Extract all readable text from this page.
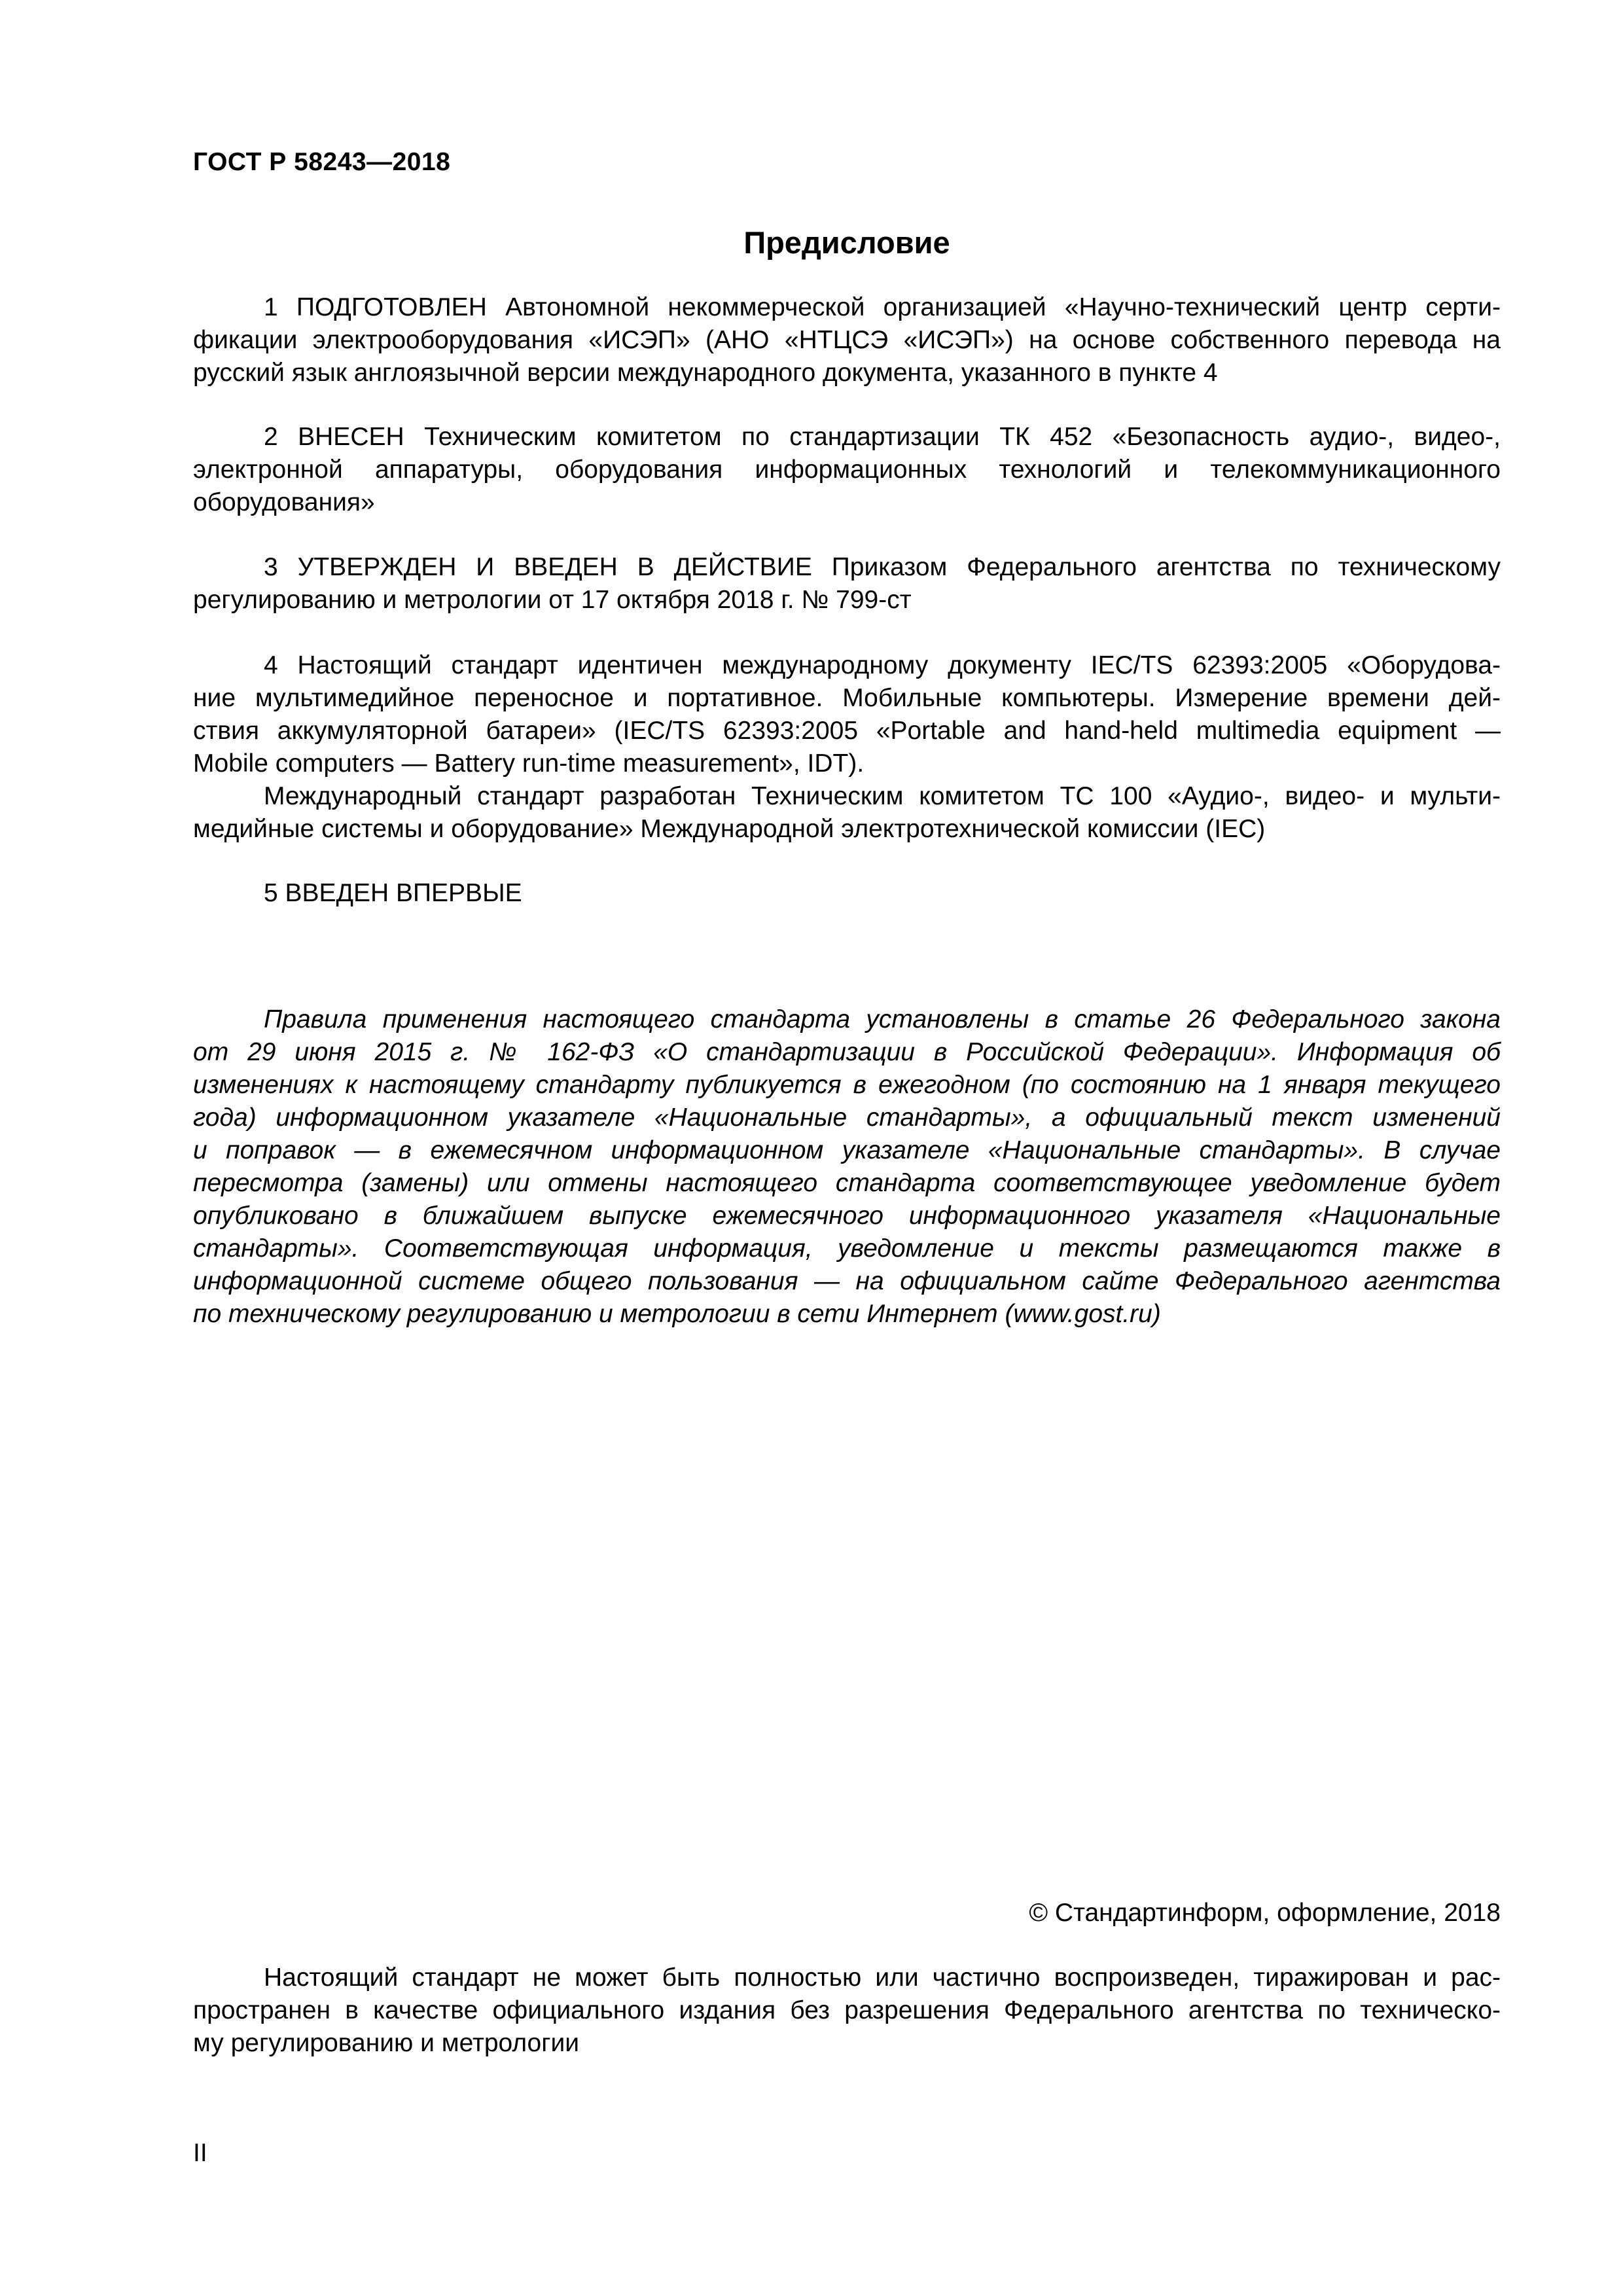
ГОСТ Р 58243—2018
Предисловие
1 ПОДГОТОВЛЕН Автономной некоммерческой организацией «Научно-технический центр серти-
фикации электрооборудования «ИСЭП» (АНО «НТЦСЭ «ИСЭП») на основе собственного перевода на
русский язык англоязычной версии международного документа, указанного в пункте 4
2 ВНЕСЕН Техническим комитетом по стандартизации ТК 452 «Безопасность аудио-, видео-,
электронной аппаратуры, оборудования информационных технологий и телекоммуникационного
оборудования»
3 УТВЕРЖДЕН И ВВЕДЕН В ДЕЙСТВИЕ Приказом Федерального агентства по техническому
регулированию и метрологии от 17 октября 2018 г. № 799-ст
4 Настоящий стандарт идентичен международному документу IEC/TS 62393:2005 «Оборудова-
ние мультимедийное переносное и портативное. Мобильные компьютеры. Измерение времени дей-
ствия аккумуляторной батареи» (IEC/TS 62393:2005 «Portable and hand-held multimedia equipment —
Mobile computers — Battery run-time measurement», IDT).
Международный стандарт разработан Техническим комитетом TC 100 «Аудио-, видео- и мульти-
медийные системы и оборудование» Международной электротехнической комиссии (IEC)
5 ВВЕДЕН ВПЕРВЫЕ
Правила применения настоящего стандарта установлены в статье 26 Федерального закона
от 29 июня 2015 г. № 162-ФЗ «О стандартизации в Российской Федерации». Информация об
изменениях к настоящему стандарту публикуется в ежегодном (по состоянию на 1 января текущего
года) информационном указателе «Национальные стандарты», а официальный текст изменений
и поправок — в ежемесячном информационном указателе «Национальные стандарты». В случае
пересмотра (замены) или отмены настоящего стандарта соответствующее уведомление будет
опубликовано в ближайшем выпуске ежемесячного информационного указателя «Национальные
стандарты». Соответствующая информация, уведомление и тексты размещаются также в
информационной системе общего пользования — на официальном сайте Федерального агентства
по техническому регулированию и метрологии в сети Интернет (www.gost.ru)
© Стандартинформ, оформление, 2018
Настоящий стандарт не может быть полностью или частично воспроизведен, тиражирован и рас-
пространен в качестве официального издания без разрешения Федерального агентства по техническо-
му регулированию и метрологии
II
